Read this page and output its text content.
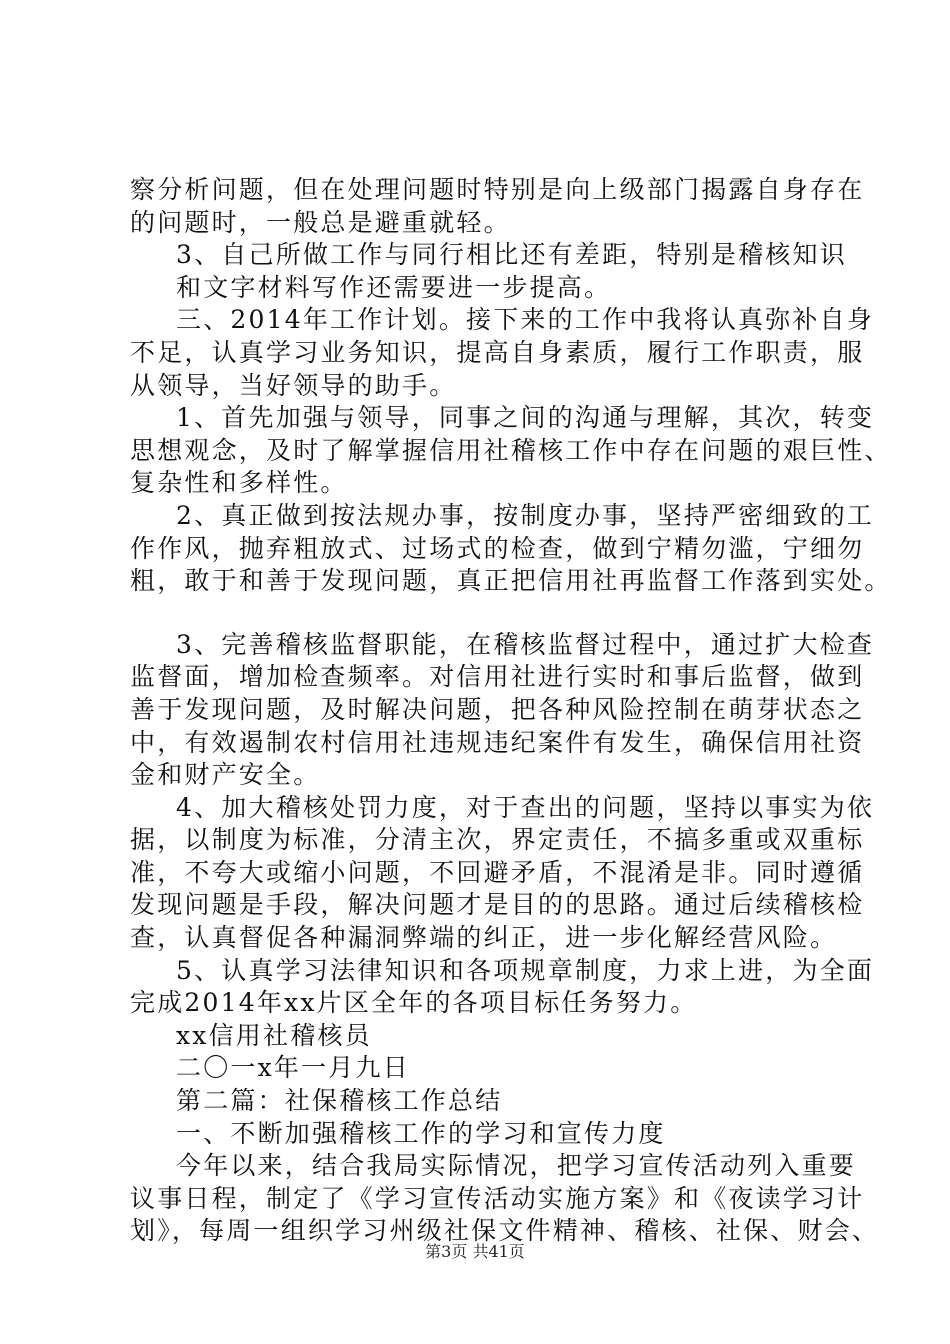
察分析问题，但在处理问题时特别是向上级部门揭露自身存在
的问题时，一般总是避重就轻。
3、自己所做工作与同行相比还有差距，特别是稽核知识
和文字材料写作还需要进一步提高。
三、2014年工作计划。接下来的工作中我将认真弥补自身
不足，认真学习业务知识，提高自身素质，履行工作职责，服
从领导，当好领导的助手。
1、首先加强与领导，同事之间的沟通与理解，其次，转变
思想观念，及时了解掌握信用社稽核工作中存在问题的艰巨性、
复杂性和多样性。
2、真正做到按法规办事，按制度办事，坚持严密细致的工
作作风，抛弃粗放式、过场式的检查，做到宁精勿滥，宁细勿
粗，敢于和善于发现问题，真正把信用社再监督工作落到实处。
3、完善稽核监督职能，在稽核监督过程中，通过扩大检查
监督面，增加检查频率。对信用社进行实时和事后监督，做到
善于发现问题，及时解决问题，把各种风险控制在萌芽状态之
中，有效遏制农村信用社违规违纪案件有发生，确保信用社资
金和财产安全。
4、加大稽核处罚力度，对于查出的问题，坚持以事实为依
据，以制度为标准，分清主次，界定责任，不搞多重或双重标
准，不夸大或缩小问题，不回避矛盾，不混淆是非。同时遵循
发现问题是手段，解决问题才是目的的思路。通过后续稽核检
查，认真督促各种漏洞弊端的纠正，进一步化解经营风险。
5、认真学习法律知识和各项规章制度，力求上进，为全面
完成2014年xx片区全年的各项目标任务努力。
xx信用社稽核员
二〇一x年一月九日
第二篇：社保稽核工作总结
一、不断加强稽核工作的学习和宣传力度
今年以来，结合我局实际情况，把学习宣传活动列入重要
议事日程，制定了《学习宣传活动实施方案》和《夜读学习计
划》，每周一组织学习州级社保文件精神、稽核、社保、财会、
第3页 共41页
